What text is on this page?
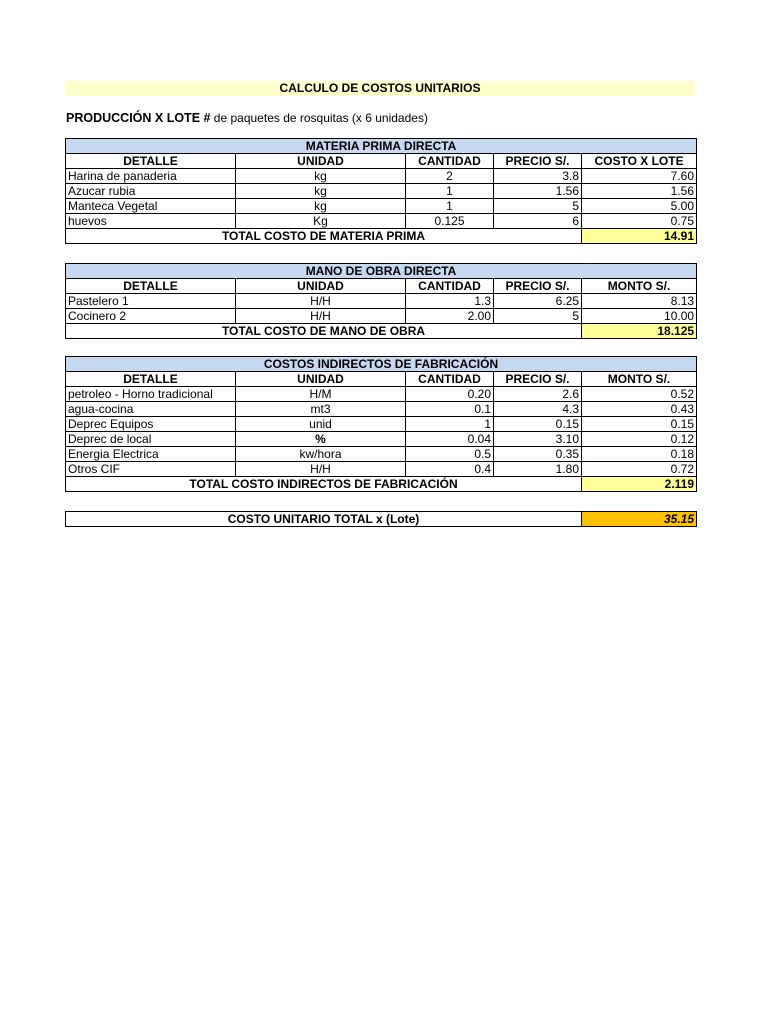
CALCULO DE COSTOS UNITARIOS
PRODUCCIÓN X LOTE # de paquetes de rosquitas (x 6 unidades)
MATERIA PRIMA DIRECTA				
DETALLE	UNIDAD	CANTIDAD	PRECIO S/.	COSTO X LOTE
Harina de panaderia	kg	2	3.8	7.60
Azucar rubia	kg	1	1.56	1.56
Manteca Vegetal	kg	1	5	5.00
huevos	Kg	0.125	6	0.75
TOTAL COSTO DE MATERIA PRIMA				14.91
MANO DE OBRA DIRECTA				
DETALLE	UNIDAD	CANTIDAD	PRECIO S/.	MONTO S/.
Pastelero 1	H/H	1.3	6.25	8.13
Cocinero 2	H/H	2.00	5	10.00
TOTAL COSTO DE MANO DE OBRA				18.125
COSTOS INDIRECTOS DE FABRICACIÓN				
DETALLE	UNIDAD	CANTIDAD	PRECIO S/.	MONTO S/.
petroleo - Horno tradicional	H/M	0.20	2.6	0.52
agua-cocina	mt3	0.1	4.3	0.43
Deprec Equipos	unid	1	0.15	0.15
Deprec de local	%	0.04	3.10	0.12
Energia Electrica	kw/hora	0.5	0.35	0.18
Otros CIF	H/H	0.4	1.80	0.72
TOTAL COSTO INDIRECTOS DE FABRICACIÓN				2.119
COSTO UNITARIO TOTAL x (Lote)	35.15
